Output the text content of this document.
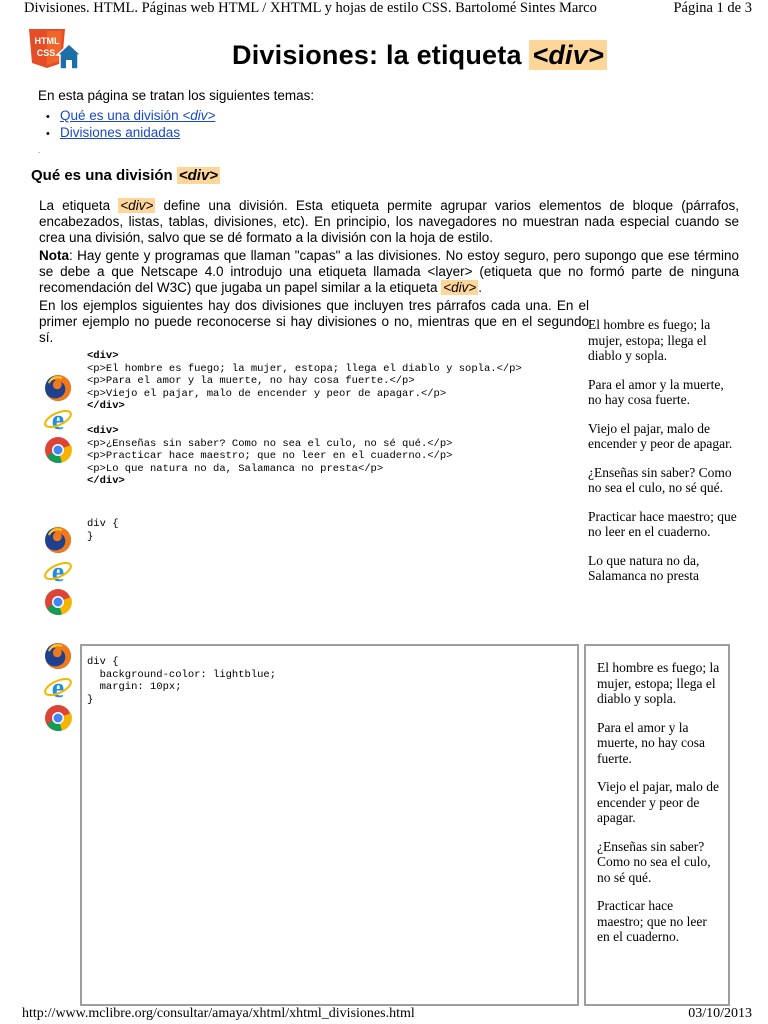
Divisiones. HTML. Páginas web HTML / XHTML y hojas de estilo CSS. Bartolomé Sintes Marco	Página 1 de 3
HTML
CSS	Divisiones: la etiqueta <div>
En esta página se tratan los siguientes temas:
• Qué es una división <div>
• Divisiones anidadas
.
Qué es una división <div>
La etiqueta <div> define una división. Esta etiqueta permite agrupar varios elementos de bloque (párrafos, encabezados, listas, tablas, divisiones, etc). En principio, los navegadores no muestran nada especial cuando se crea una división, salvo que se dé formato a la división con la hoja de estilo.
Nota: Hay gente y programas que llaman "capas" a las divisiones. No estoy seguro, pero supongo que ese término se debe a que Netscape 4.0 introdujo una etiqueta llamada <layer> (etiqueta que no formó parte de ninguna recomendación del W3C) que jugaba un papel similar a la etiqueta <div> .
En los ejemplos siguientes hay dos divisiones que incluyen tres párrafos cada una. En el primer ejemplo no puede reconocerse si hay divisiones o no, mientras que en el segundo sí.
e
e
e
<div>
<p>El hombre es fuego; la mujer, estopa; llega el diablo y sopla.</p>
<p>Para el amor y la muerte, no hay cosa fuerte.</p>
<p>Viejo el pajar, malo de encender y peor de apagar.</p>
</div>

<div>
<p>¿Enseñas sin saber? Como no sea el culo, no sé qué.</p>
<p>Practicar hace maestro; que no leer en el cuaderno.</p>
<p>Lo que natura no da, Salamanca no presta</p>
</div>
div {
}
div {
background-color: lightblue;
margin: 10px;
}

El hombre es fuego; la mujer, estopa; llega el diablo y sopla.

Para el amor y la muerte, no hay cosa fuerte.

Viejo el pajar, malo de encender y peor de apagar.

¿Enseñas sin saber? Como no sea el culo, no sé qué.

Practicar hace maestro; que no leer en el cuaderno.

Lo que natura no da, Salamanca no presta

El hombre es fuego; la mujer, estopa; llega el diablo y sopla.

Para el amor y la muerte, no hay cosa fuerte.

Viejo el pajar, malo de encender y peor de apagar.

¿Enseñas sin saber? Como no sea el culo, no sé qué.

Practicar hace maestro; que no leer en el cuaderno.

http://www.mclibre.org/consultar/amaya/xhtml/xhtml_divisiones.html	03/10/2013
